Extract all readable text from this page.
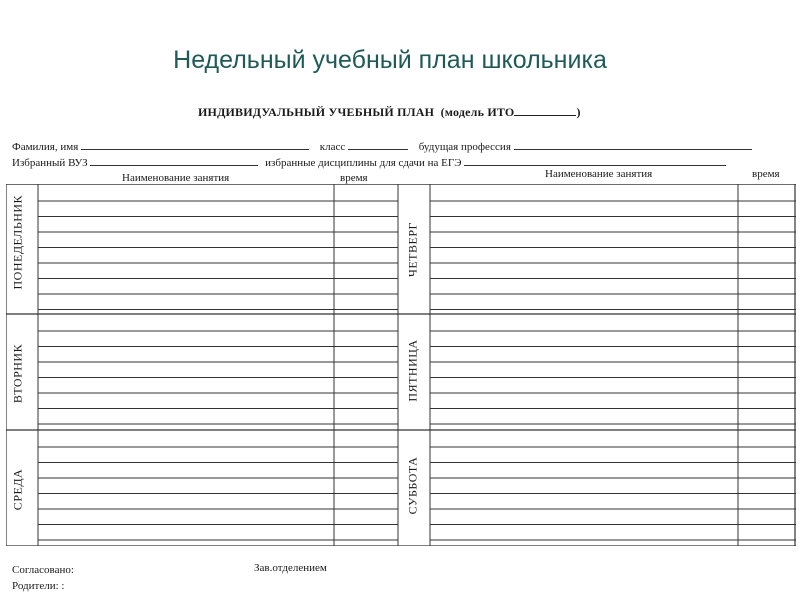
Недельный учебный план школьника
ИНДИВИДУАЛЬНЫЙ УЧЕБНЫЙ ПЛАН (модель ИТО	)
Фамилия, имя	класс	будущая профессия
Избранный ВУЗ	избранные дисциплины для сдачи на ЕГЭ
Наименование занятия	время	Наименование занятия	время
ПОНЕДЕЛЬНИК
ВТОРНИК
СРЕДА
ЧЕТВЕРГ
ПЯТНИЦА
СУББОТА
Согласовано:	Зав.отделением
Родители: :
